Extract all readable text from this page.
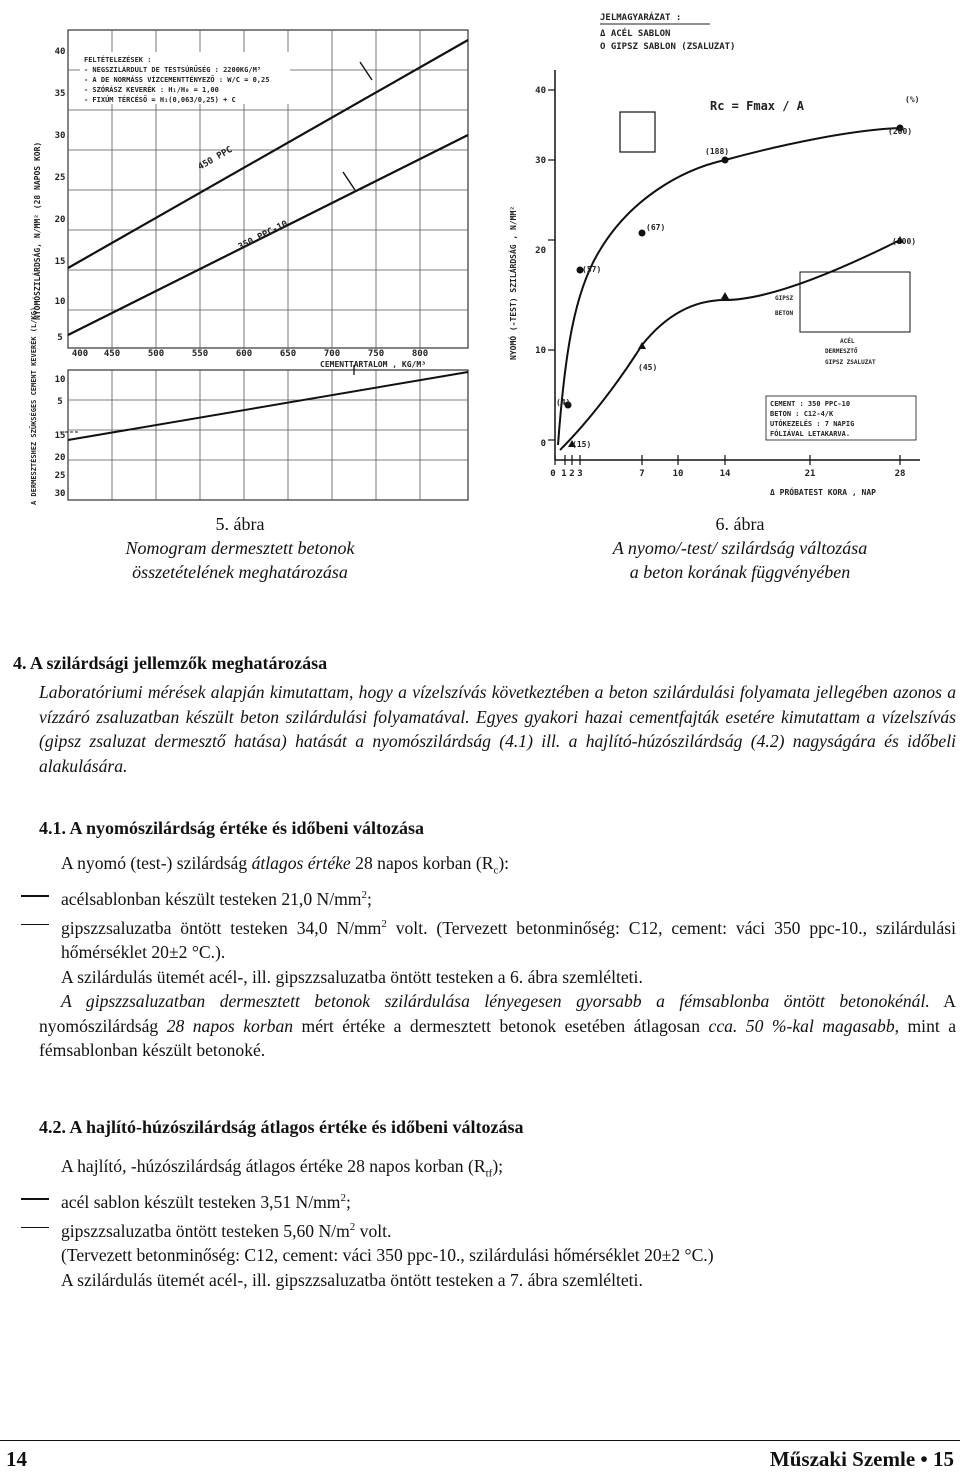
40
35
30
25
20
15
10
5
400 450	500	550	600	650	700	750	800
CEMENTTARTALOM , KG/M³
NYOMÓSZILÁRDSÁG, N/MM² (28 NAPOS KOR)
FELTÉTELEZÉSEK :
- NEGSZILÁRDULT DE TESTSÚRŰSÉG : 2200KG/M³
- A DE NORMÁSS VÍZCEMENTTÉNYEZŐ : W/C = 0,25
- SZÓRÁSZ KEVERÉK : H₁/H₀ = 1,00
- FIXÚM TÉRCÉSŐ = H₁(0,063/0,25) + C
450 PPC
350 PPC-10
10
5
15
20
25
30
A DERMESZTÉSHEZ SZÜKSÉGES CEMENT KEVERÉK (L/KG)
5. ábra
Nomogram dermesztett betonok
összetételének meghatározása
JELMAGYARÁZAT :
Δ ACÉL SABLON
O GIPSZ SABLON (ZSALUZAT)
40
30
20
10
0
NYOMÓ (-TEST) SZILÁRDSÁG , N/MM²
0 1 2 3	7	10	14	21	28
Δ PRÓBATEST KORA , NAP
(%)
(200)
(188)
(100)
(67)
(57)
(45)
(4)
(15)
Rc = Fmax / A
GIPSZ
BETON
ACÉL
DERMESZTŐ
GIPSZ ZSALUZAT
CEMENT : 350 PPC-10
BETON : C12-4/K
UTÓKEZELÉS : 7 NAPIG
FÓLIÁVAL LETAKARVA.
6. ábra
A nyomo/-test/ szilárdság változása
a beton korának függvényében
4. A szilárdsági jellemzők meghatározása
Laboratóriumi mérések alapján kimutattam, hogy a vízelszívás következtében a beton szilárdulási folyamata jellegében azonos a vízzáró zsaluzatban készült beton szilárdulási folyamatával. Egyes gyakori hazai cementfajták esetére kimutattam a vízelszívás (gipsz zsaluzat dermesztő hatása) hatását a nyomószilárdság (4.1) ill. a hajlító-húzószilárdság (4.2) nagyságára és időbeli alakulására.
4.1. A nyomószilárdság értéke és időbeni változása

A nyomó (test-) szilárdság átlagos értéke 28 napos korban $(R_c)$:

acélsablonban készült testeken 21,0 $N/mm^2$;

gipszzsaluzatba öntött testeken 34,0 $N/mm^2$ volt. (Tervezett betonminőség: C12, cement: váci 350 ppc-10., szilárdulási hőmérséklet 20±2 °C.).

A szilárdulás ütemét acél-, ill. gipszzsaluzatba öntött testeken a 6. ábra szemlélteti.

A gipszzsaluzatban dermesztett betonok szilárdulása lényegesen gyorsabb a fémsablonba öntött betonokénál. A nyomószilárdság 28 napos korban mért értéke a dermesztett betonok esetében átlagosan cca. 50 %-kal magasabb, mint a fémsablonban készült betonoké.

4.2. A hajlító-húzószilárdság átlagos értéke és időbeni változása

A hajlító, -húzószilárdság átlagos értéke 28 napos korban $(R_{tf})$;

acél sablon készült testeken 3,51 $N/mm^2$;

gipszzsaluzatba öntött testeken 5,60 $N/m^2$ volt.

(Tervezett betonminőség: C12, cement: váci 350 ppc-10., szilárdulási hőmérséklet 20±2 °C.)

A szilárdulás ütemét acél-, ill. gipszzsaluzatba öntött testeken a 7. ábra szemlélteti.

14	Műszaki Szemle • 15
